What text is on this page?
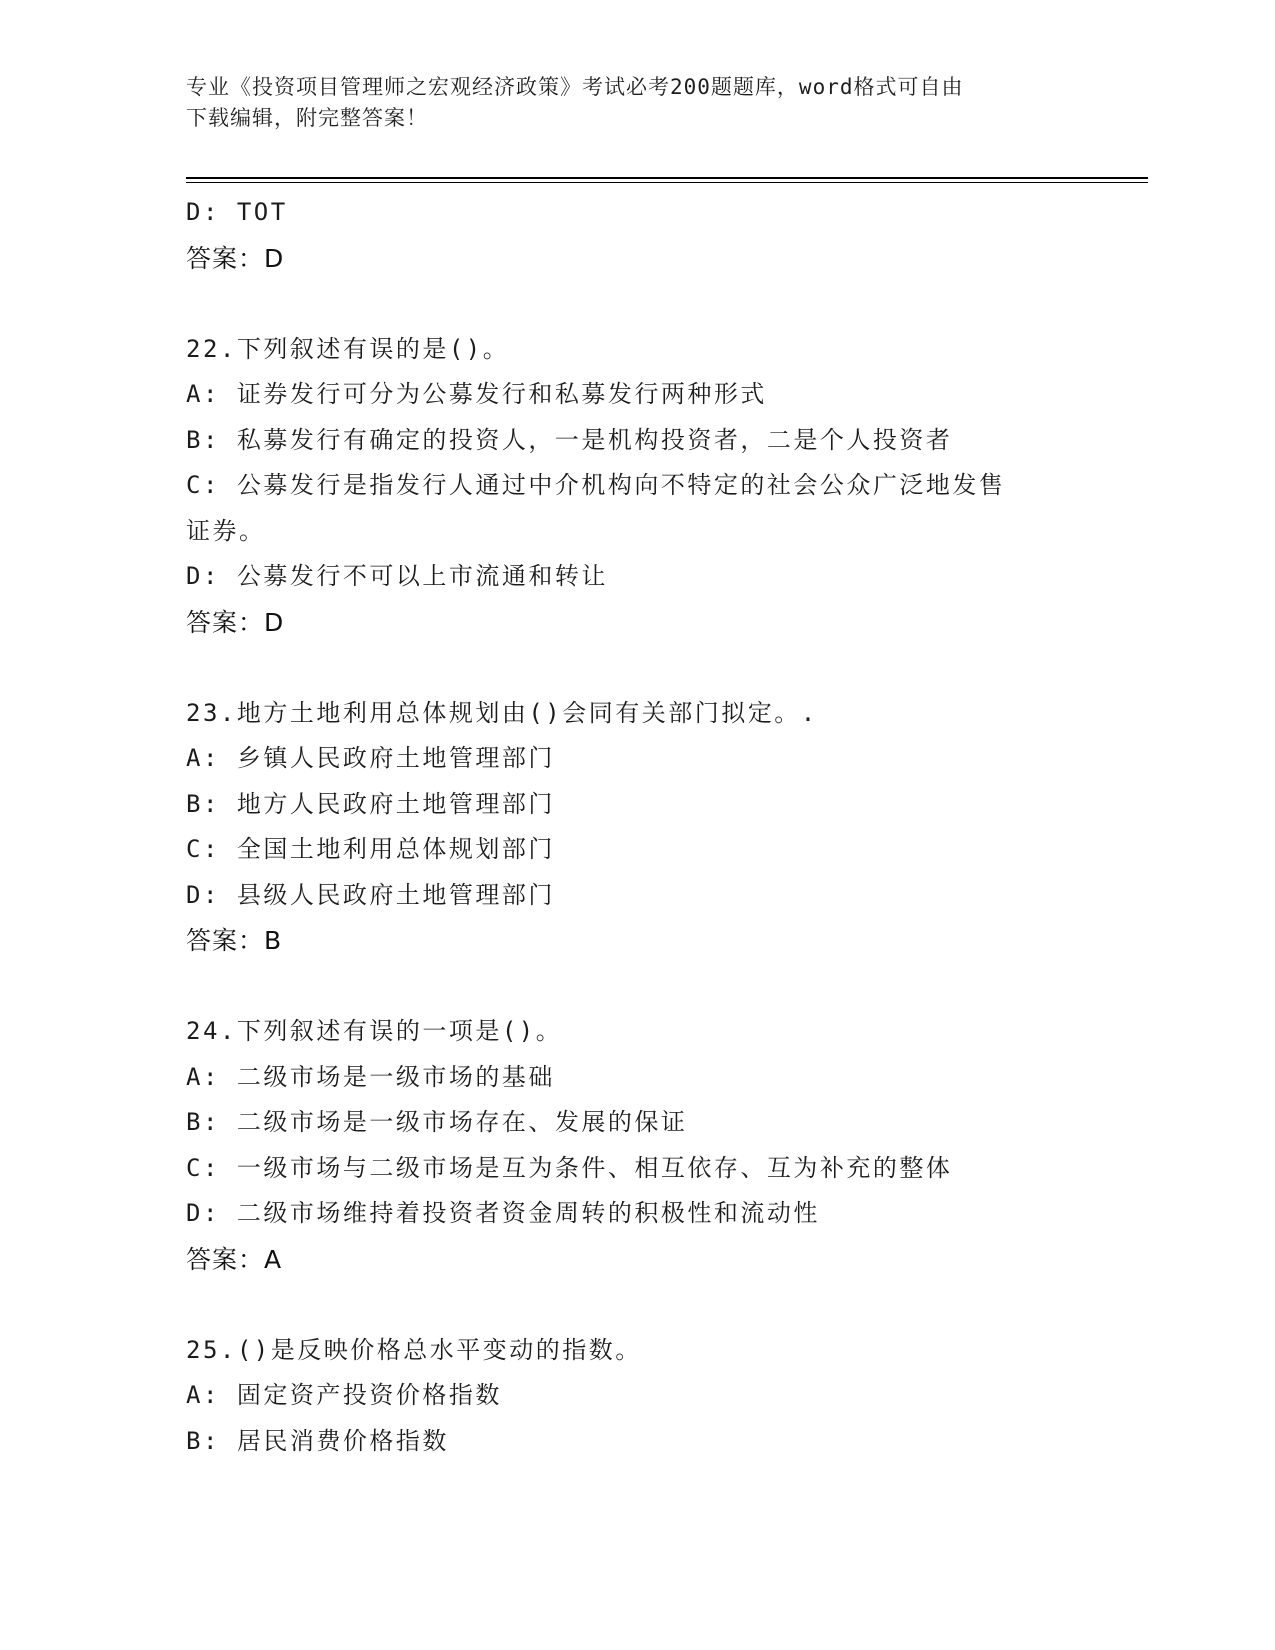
专业《投资项目管理师之宏观经济政策》考试必考200题题库，word格式可自由
下载编辑，附完整答案！
D: TOT
答案：D
22.下列叙述有误的是()。
A: 证券发行可分为公募发行和私募发行两种形式
B: 私募发行有确定的投资人，一是机构投资者，二是个人投资者
C: 公募发行是指发行人通过中介机构向不特定的社会公众广泛地发售
证券。
D: 公募发行不可以上市流通和转让
答案：D
23.地方土地利用总体规划由()会同有关部门拟定。.
A: 乡镇人民政府土地管理部门
B: 地方人民政府土地管理部门
C: 全国土地利用总体规划部门
D: 县级人民政府土地管理部门
答案：B
24.下列叙述有误的一项是()。
A: 二级市场是一级市场的基础
B: 二级市场是一级市场存在、发展的保证
C: 一级市场与二级市场是互为条件、相互依存、互为补充的整体
D: 二级市场维持着投资者资金周转的积极性和流动性
答案：A
25.()是反映价格总水平变动的指数。
A: 固定资产投资价格指数
B: 居民消费价格指数
